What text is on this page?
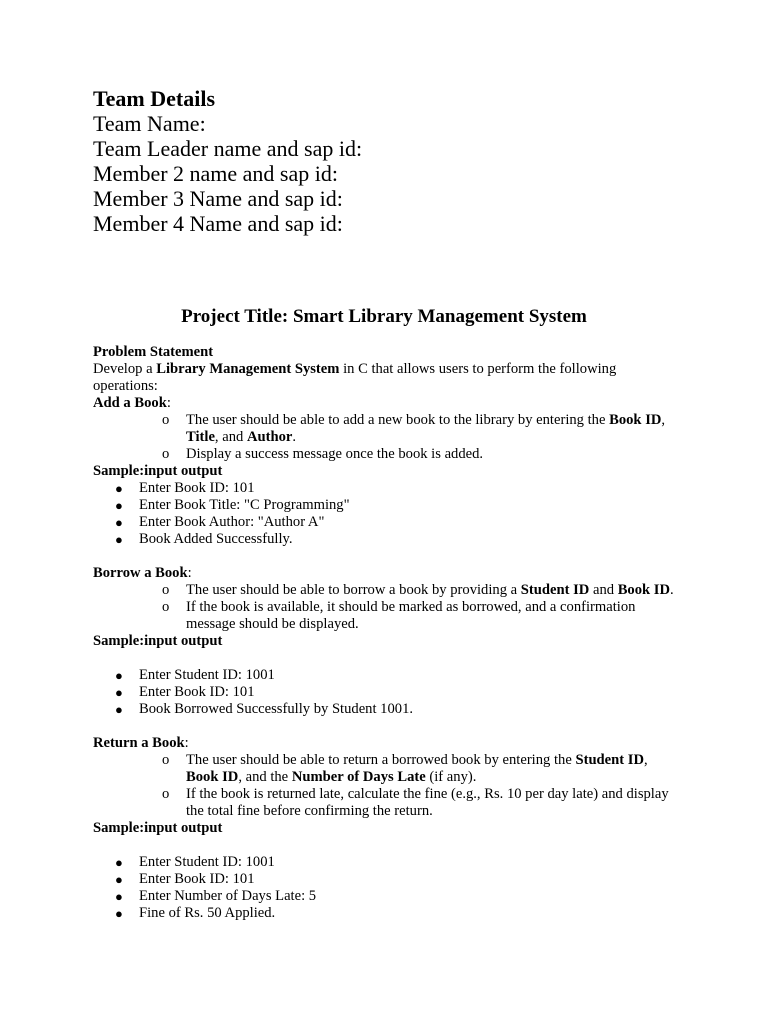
Team Details
Team Name:
Team Leader name and sap id:
Member 2 name and sap id:
Member 3 Name and sap id:
Member 4 Name and sap id:
Project Title: Smart Library Management System

Problem Statement

Develop a Library Management System in C that allows users to perform the following operations:

Add a Book:

o The user should be able to add a new book to the library by entering the Book ID, Title, and Author.
o Display a success message once the book is added.

Sample:input output

● Enter Book ID: 101
● Enter Book Title: "C Programming"
● Enter Book Author: "Author A"
● Book Added Successfully.

Borrow a Book:

o The user should be able to borrow a book by providing a Student ID and Book ID.
o If the book is available, it should be marked as borrowed, and a confirmation message should be displayed.

Sample:input output

● Enter Student ID: 1001
● Enter Book ID: 101
● Book Borrowed Successfully by Student 1001.

Return a Book:

o The user should be able to return a borrowed book by entering the Student ID, Book ID, and the Number of Days Late (if any).
o If the book is returned late, calculate the fine (e.g., Rs. 10 per day late) and display the total fine before confirming the return.

Sample:input output

● Enter Student ID: 1001
● Enter Book ID: 101
● Enter Number of Days Late: 5
● Fine of Rs. 50 Applied.
